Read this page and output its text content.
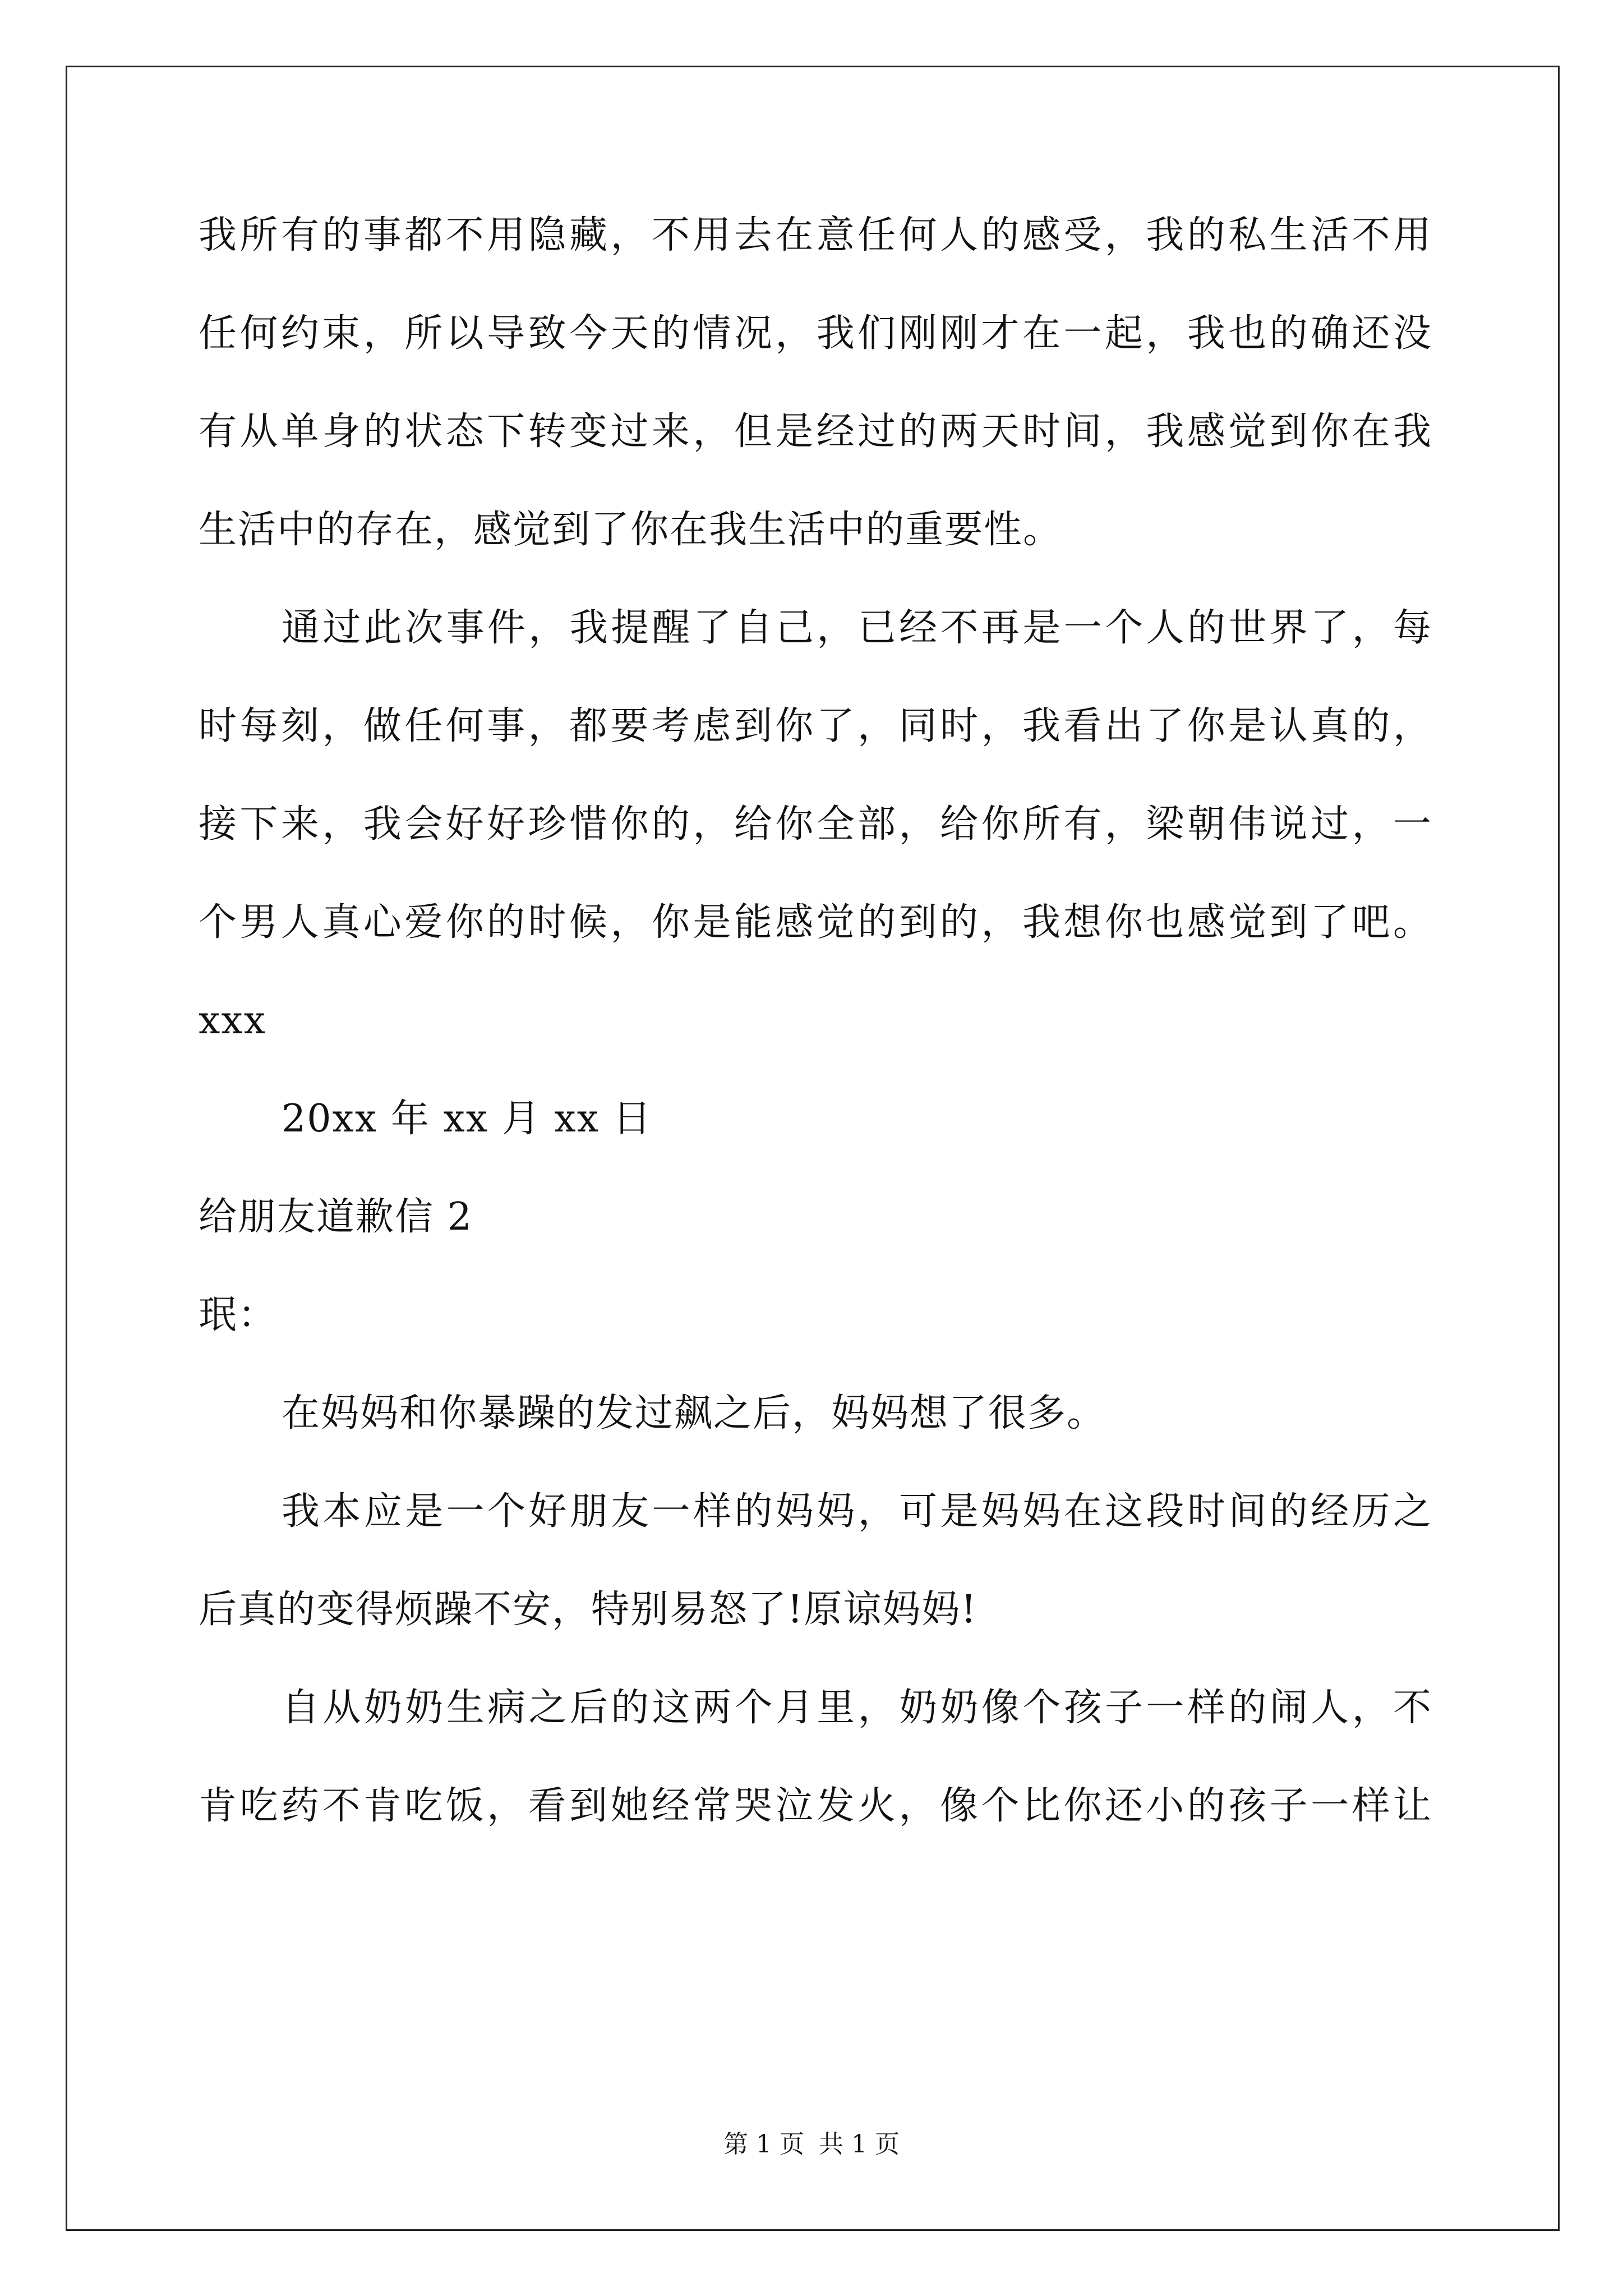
我所有的事都不用隐藏，不用去在意任何人的感受，我的私生活不用
任何约束，所以导致今天的情况，我们刚刚才在一起，我也的确还没
有从单身的状态下转变过来，但是经过的两天时间，我感觉到你在我
生活中的存在，感觉到了你在我生活中的重要性。
通过此次事件，我提醒了自己，已经不再是一个人的世界了，每
时每刻，做任何事，都要考虑到你了，同时，我看出了你是认真的，
接下来，我会好好珍惜你的，给你全部，给你所有，梁朝伟说过，一
个男人真心爱你的时候，你是能感觉的到的，我想你也感觉到了吧。
xxx
20xx 年 xx 月 xx 日
给朋友道歉信 2
珉：
在妈妈和你暴躁的发过飙之后，妈妈想了很多。
我本应是一个好朋友一样的妈妈，可是妈妈在这段时间的经历之
后真的变得烦躁不安，特别易怒了!原谅妈妈!
自从奶奶生病之后的这两个月里，奶奶像个孩子一样的闹人，不
肯吃药不肯吃饭，看到她经常哭泣发火，像个比你还小的孩子一样让
第 1 页 共 1 页
